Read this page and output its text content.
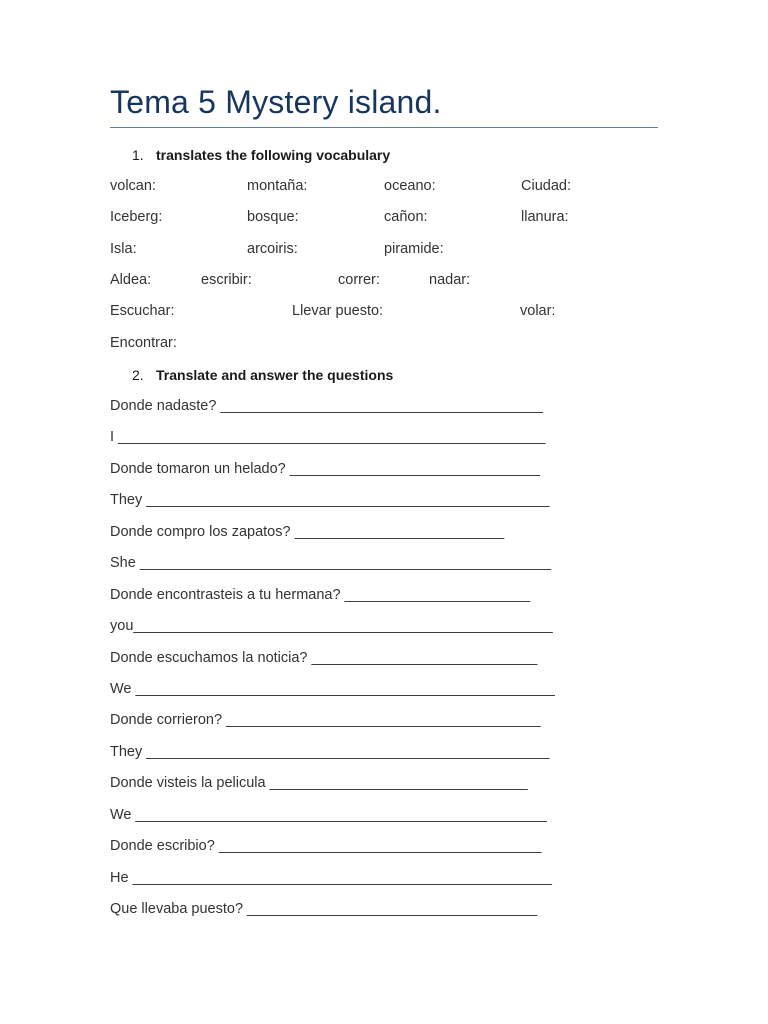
Tema 5 Mystery island.
1. translates the following vocabulary
volcan:	montaña:	oceano:	Ciudad:
Iceberg:	bosque:	cañon:	llanura:
Isla:	arcoiris:	piramide:
Aldea:	escribir:	correr:	nadar:
Escuchar:	Llevar puesto:	volar:
Encontrar:
2. Translate and answer the questions
Donde nadaste? ________________________________________
I _____________________________________________________
Donde tomaron un helado? _______________________________
They __________________________________________________
Donde compro los zapatos? __________________________
She ___________________________________________________
Donde encontrasteis a tu hermana? _______________________
you____________________________________________________
Donde escuchamos la noticia? ____________________________
We ____________________________________________________
Donde corrieron? _______________________________________
They __________________________________________________
Donde visteis la pelicula ________________________________
We ___________________________________________________
Donde escribio? ________________________________________
He ____________________________________________________
Que llevaba puesto? ____________________________________
